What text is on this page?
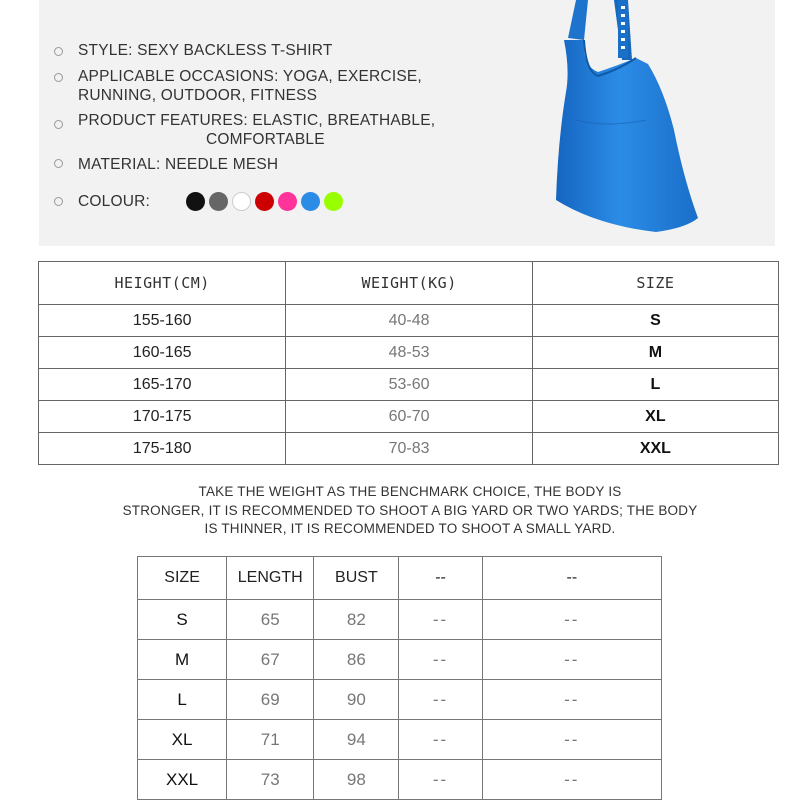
STYLE: SEXY BACKLESS T-SHIRT
APPLICABLE OCCASIONS: YOGA, EXERCISE,
RUNNING, OUTDOOR, FITNESS
PRODUCT FEATURES: ELASTIC, BREATHABLE,
COMFORTABLE
MATERIAL: NEEDLE MESH
COLOUR:
HEIGHT(CM)	WEIGHT(KG)	SIZE
155-160	40-48	S
160-165	48-53	M
165-170	53-60	L
170-175	60-70	XL
175-180	70-83	XXL
TAKE THE WEIGHT AS THE BENCHMARK CHOICE, THE BODY IS
STRONGER, IT IS RECOMMENDED TO SHOOT A BIG YARD OR TWO YARDS; THE BODY
IS THINNER, IT IS RECOMMENDED TO SHOOT A SMALL YARD.
SIZE	LENGTH	BUST	--	--
S	65	82	--	--
M	67	86	--	--
L	69	90	--	--
XL	71	94	--	--
XXL	73	98	--	--
